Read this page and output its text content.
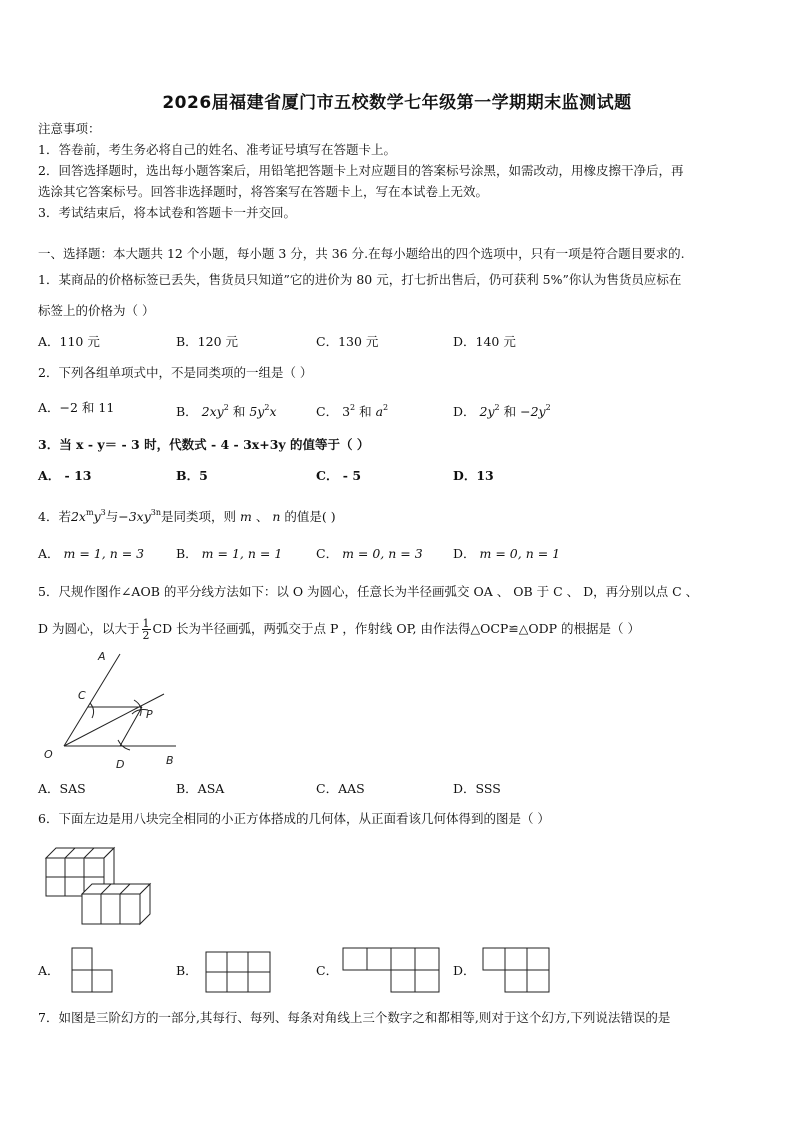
2026届福建省厦门市五校数学七年级第一学期期末监测试题
注意事项：
1．答卷前，考生务必将自己的姓名、准考证号填写在答题卡上。
2．回答选择题时，选出每小题答案后，用铅笔把答题卡上对应题目的答案标号涂黑，如需改动，用橡皮擦干净后，再
选涂其它答案标号。回答非选择题时，将答案写在答题卡上，写在本试卷上无效。
3．考试结束后，将本试卷和答题卡一并交回。
一、选择题：本大题共 12 个小题，每小题 3 分，共 36 分.在每小题给出的四个选项中，只有一项是符合题目要求的.
1．某商品的价格标签已丢失，售货员只知道”它的进价为 80 元，打七折出售后，仍可获利 5%”你认为售货员应标在
标签上的价格为（ ）
A．110 元	B．120 元	C．130 元	D．140 元
2．下列各组单项式中，不是同类项的一组是（ ）
A．−2 和 11	B． $2xy^2$ 和 $5y^2x$	C． $3^2$ 和 $a^2$	D． $2y^2$ 和 $-2y^2$
3．当 x - y＝ - 3 时，代数式 - 4 - 3x+3y 的值等于（ ）
A． - 13	B．5	C． - 5	D．13
4．若$2x^my^3$与$-3xy^{3n}$是同类项，则 m 、 n 的值是( )
A． m = 1, n = 3	B． m = 1, n = 1	C． m = 0, n = 3 D． m = 0, n = 1
5．尺规作图作∠AOB 的平分线方法如下：以 O 为圆心，任意长为半径画弧交 OA 、 OB 于 C 、 D，再分别以点 C 、
D 为圆心，以大于 $\frac{1}{2}$ CD 长为半径画弧，两弧交于点 P ，作射线 OP, 由作法得△OCP≌△ODP 的根据是（ ）
A
C
P
O
D	B
A．SAS	B．ASA	C．AAS	D．SSS
6．下面左边是用八块完全相同的小正方体搭成的几何体，从正面看该几何体得到的图是（ ）
A．	B．	C．	D．
7．如图是三阶幻方的一部分,其每行、每列、每条对角线上三个数字之和都相等,则对于这个幻方,下列说法错误的是
